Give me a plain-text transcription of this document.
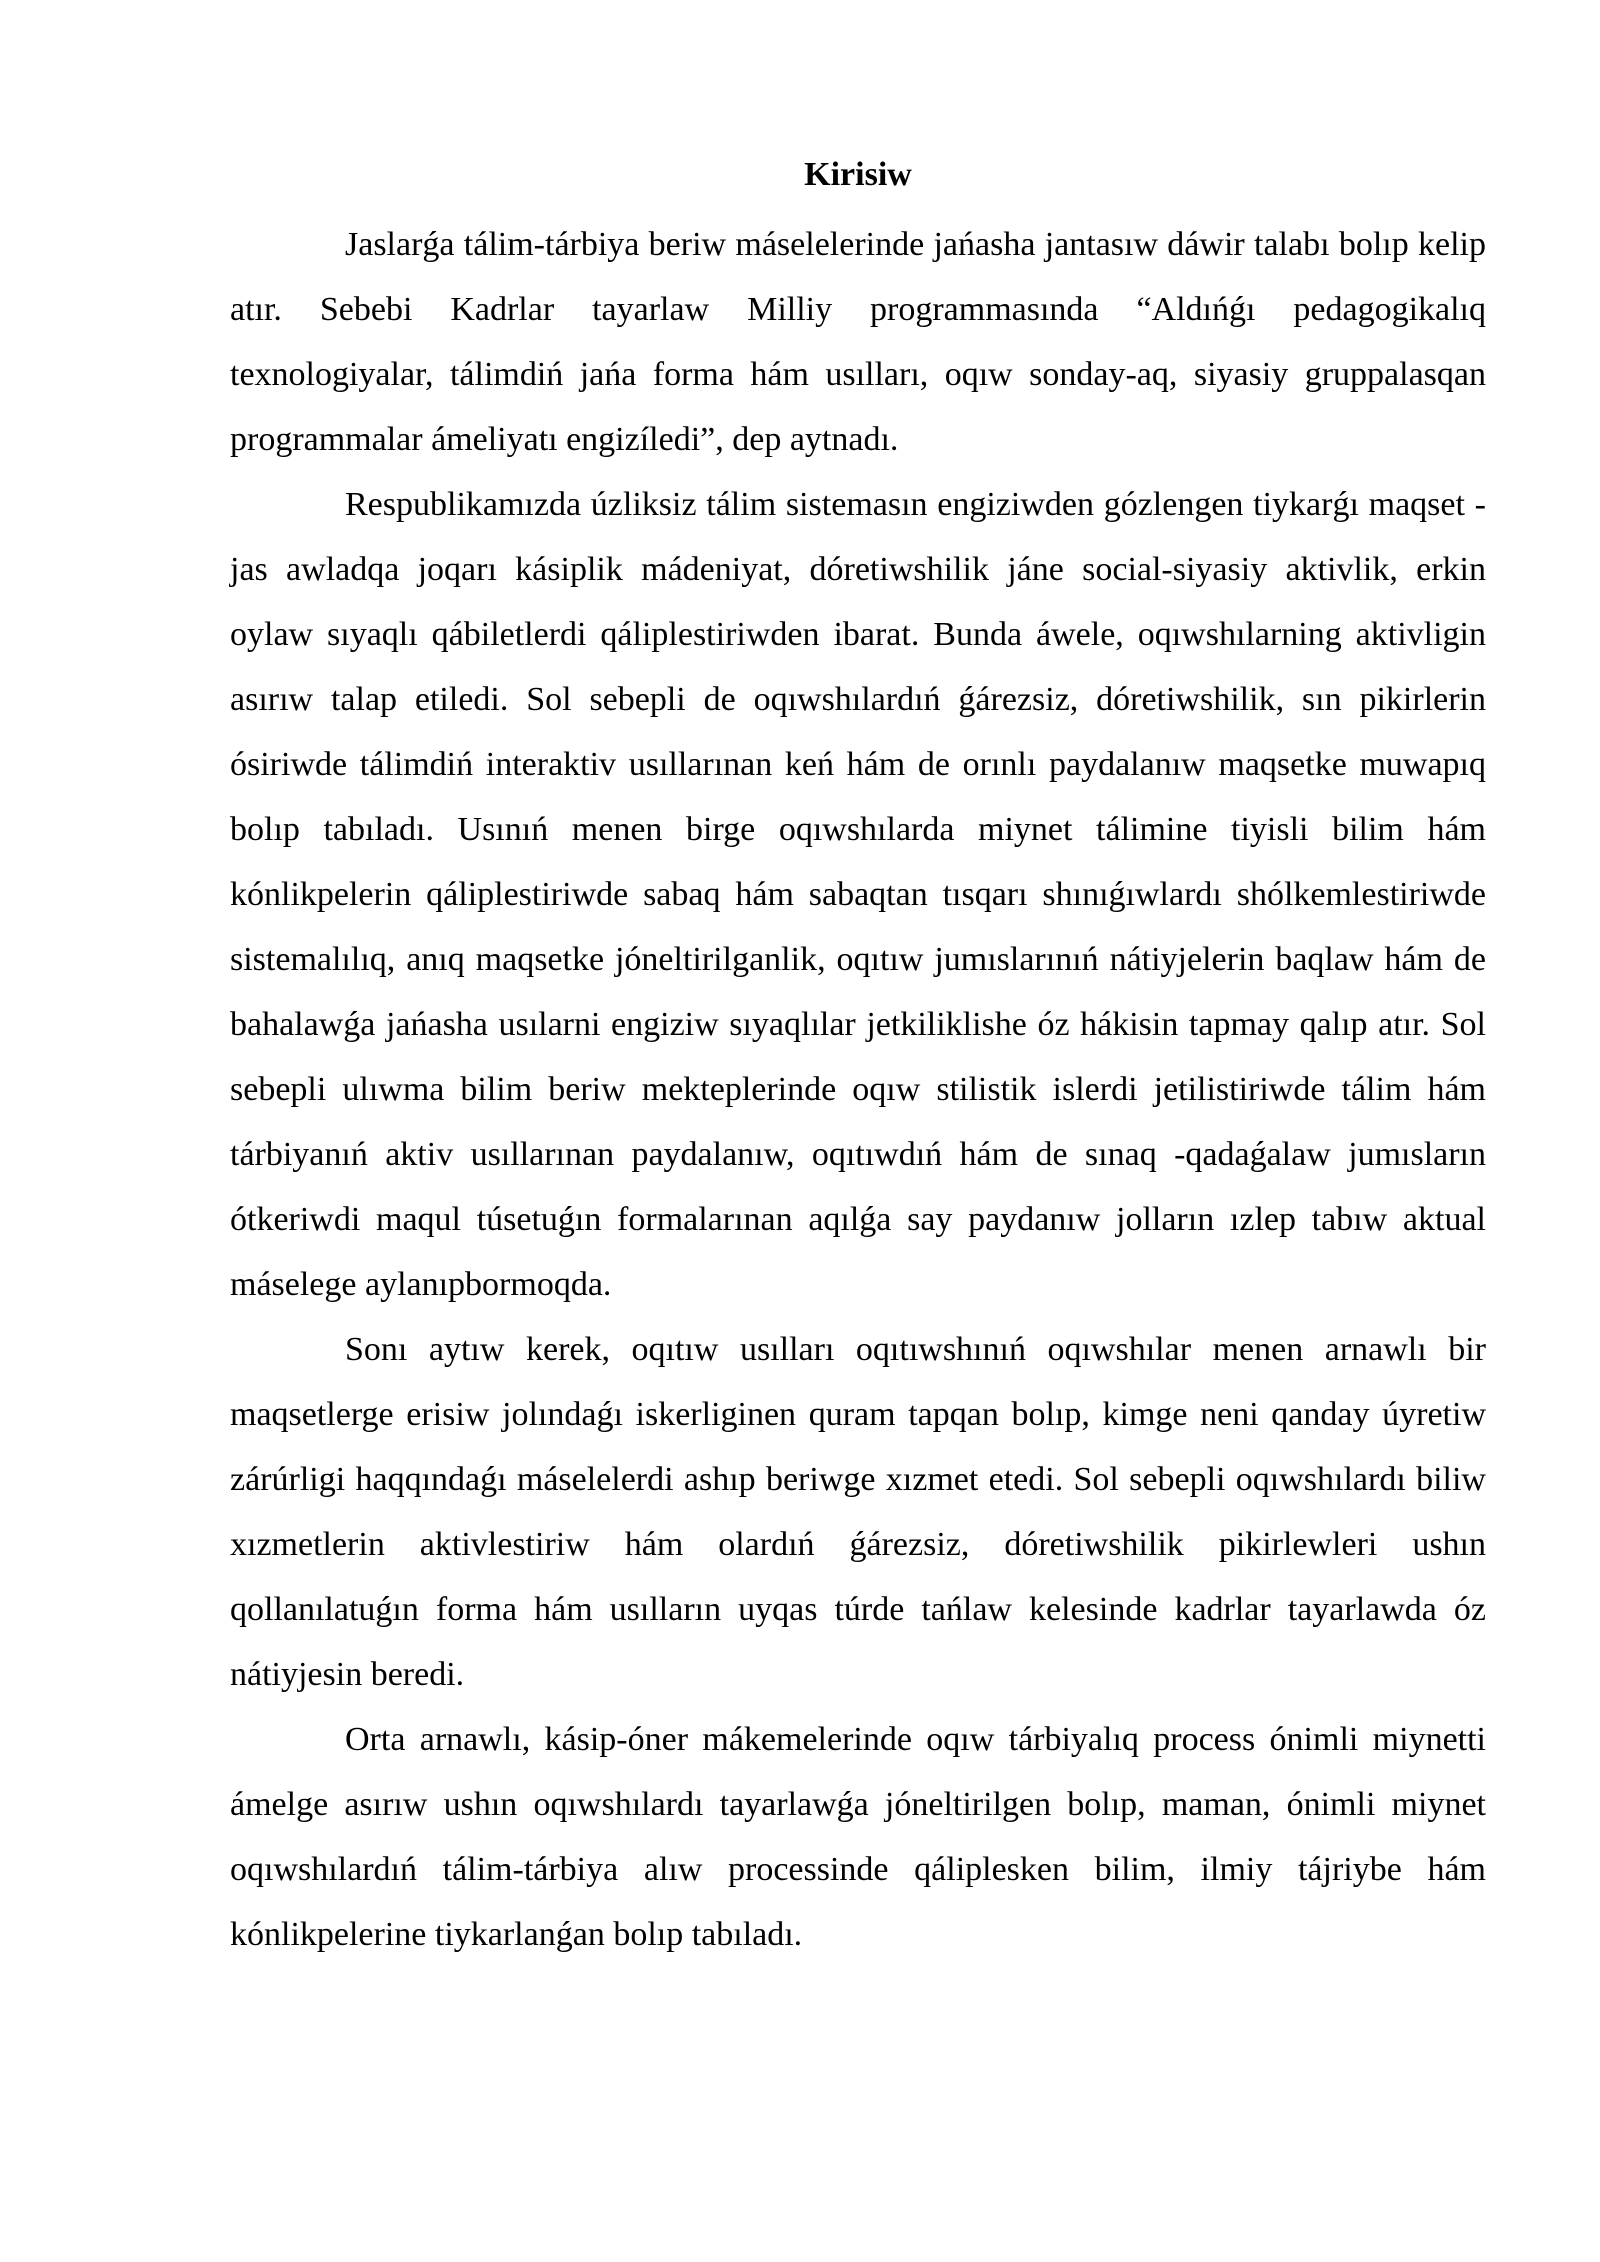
Kirisiw

Jaslarǵa tálim-tárbiya beriw máselelerinde jańasha jantasıw dáwir talabı bolıp kelip atır. Sebebi Kadrlar tayarlaw Milliy programmasında “Aldıńǵı pedagogikalıq texnologiyalar, tálimdiń jańa forma hám usılları, oqıw sonday-aq, siyasiy gruppalasqan programmalar ámeliyatı engizíledi”, dep aytnadı.

Respublikamızda úzliksiz tálim sistemasın engiziwden gózlengen tiykarǵı maqset - jas awladqa joqarı kásiplik mádeniyat, dóretiwshilik jáne social-siyasiy aktivlik, erkin oylaw sıyaqlı qábiletlerdi qáliplestiriwden ibarat. Bunda áwele, oqıwshılarning aktivligin asırıw talap etiledi. Sol sebepli de oqıwshılardıń ǵárezsiz, dóretiwshilik, sın pikirlerin ósiriwde tálimdiń interaktiv usıllarınan keń hám de orınlı paydalanıw maqsetke muwapıq bolıp tabıladı. Usınıń menen birge oqıwshılarda miynet tálimine tiyisli bilim hám kónlikpelerin qáliplestiriwde sabaq hám sabaqtan tısqarı shınıǵıwlardı shólkemlestiriwde sistemalılıq, anıq maqsetke jóneltirilganlik, oqıtıw jumıslarınıń nátiyjelerin baqlaw hám de bahalawǵa jańasha usılarni engiziw sıyaqlılar jetkiliklishe óz hákisin tapmay qalıp atır. Sol sebepli ulıwma bilim beriw mekteplerinde oqıw stilistik islerdi jetilistiriwde tálim hám tárbiyanıń aktiv usıllarınan paydalanıw, oqıtıwdıń hám de sınaq -qadaǵalaw jumısların ótkeriwdi maqul túsetuǵın formalarınan aqılǵa say paydanıw jolların ızlep tabıw aktual máselege aylanıpbormoqda.

Sonı aytıw kerek, oqıtıw usılları oqıtıwshınıń oqıwshılar menen arnawlı bir maqsetlerge erisiw jolındaǵı iskerliginen quram tapqan bolıp, kimge neni qanday úyretiw zárúrligi haqqındaǵı máselelerdi ashıp beriwge xızmet etedi. Sol sebepli oqıwshılardı biliw xızmetlerin aktivlestiriw hám olardıń ǵárezsiz, dóretiwshilik pikirlewleri ushın qollanılatuǵın forma hám usılların uyqas túrde tańlaw kelesinde kadrlar tayarlawda óz nátiyjesin beredi.

Orta arnawlı, kásip-óner mákemelerinde oqıw tárbiyalıq process ónimli miynetti ámelge asırıw ushın oqıwshılardı tayarlawǵa jóneltirilgen bolıp, maman, ónimli miynet oqıwshılardıń tálim-tárbiya alıw processinde qáliplesken bilim, ilmiy tájriybe hám kónlikpelerine tiykarlanǵan bolıp tabıladı.
